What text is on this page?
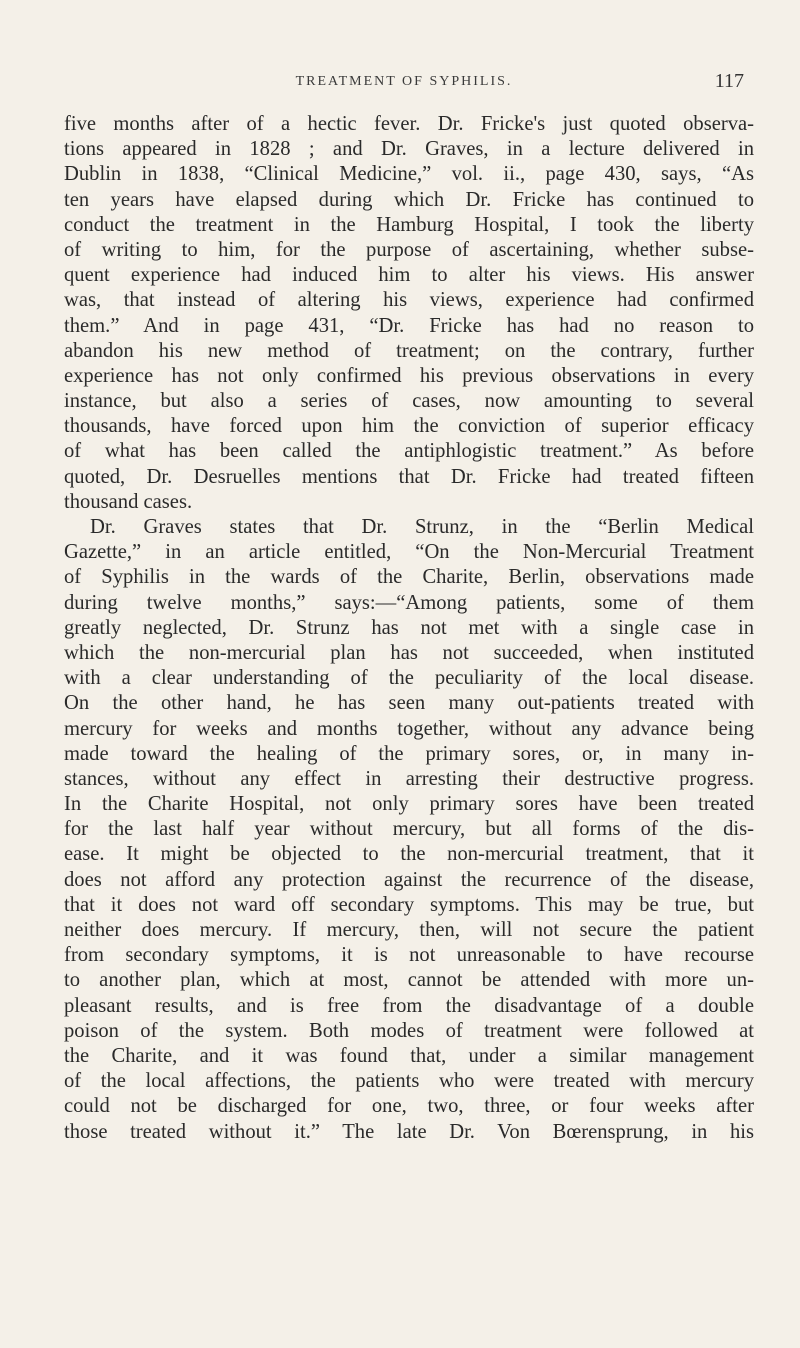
TREATMENT OF SYPHILIS.	117
five months after of a hectic fever. Dr. Fricke's just quoted observa-
tions appeared in 1828 ; and Dr. Graves, in a lecture delivered in
Dublin in 1838, “Clinical Medicine,” vol. ii., page 430, says, “As
ten years have elapsed during which Dr. Fricke has continued to
conduct the treatment in the Hamburg Hospital, I took the liberty
of writing to him, for the purpose of ascertaining, whether subse-
quent experience had induced him to alter his views. His answer
was, that instead of altering his views, experience had confirmed
them.” And in page 431, “Dr. Fricke has had no reason to
abandon his new method of treatment; on the contrary, further
experience has not only confirmed his previous observations in every
instance, but also a series of cases, now amounting to several
thousands, have forced upon him the conviction of superior efficacy
of what has been called the antiphlogistic treatment.” As before
quoted, Dr. Desruelles mentions that Dr. Fricke had treated fifteen
thousand cases.
Dr. Graves states that Dr. Strunz, in the “Berlin Medical
Gazette,” in an article entitled, “On the Non-Mercurial Treatment
of Syphilis in the wards of the Charite, Berlin, observations made
during twelve months,” says:—“Among patients, some of them
greatly neglected, Dr. Strunz has not met with a single case in
which the non-mercurial plan has not succeeded, when instituted
with a clear understanding of the peculiarity of the local disease.
On the other hand, he has seen many out-patients treated with
mercury for weeks and months together, without any advance being
made toward the healing of the primary sores, or, in many in-
stances, without any effect in arresting their destructive progress.
In the Charite Hospital, not only primary sores have been treated
for the last half year without mercury, but all forms of the dis-
ease. It might be objected to the non-mercurial treatment, that it
does not afford any protection against the recurrence of the disease,
that it does not ward off secondary symptoms. This may be true, but
neither does mercury. If mercury, then, will not secure the patient
from secondary symptoms, it is not unreasonable to have recourse
to another plan, which at most, cannot be attended with more un-
pleasant results, and is free from the disadvantage of a double
poison of the system. Both modes of treatment were followed at
the Charite, and it was found that, under a similar management
of the local affections, the patients who were treated with mercury
could not be discharged for one, two, three, or four weeks after
those treated without it.” The late Dr. Von Bœrensprung, in his
